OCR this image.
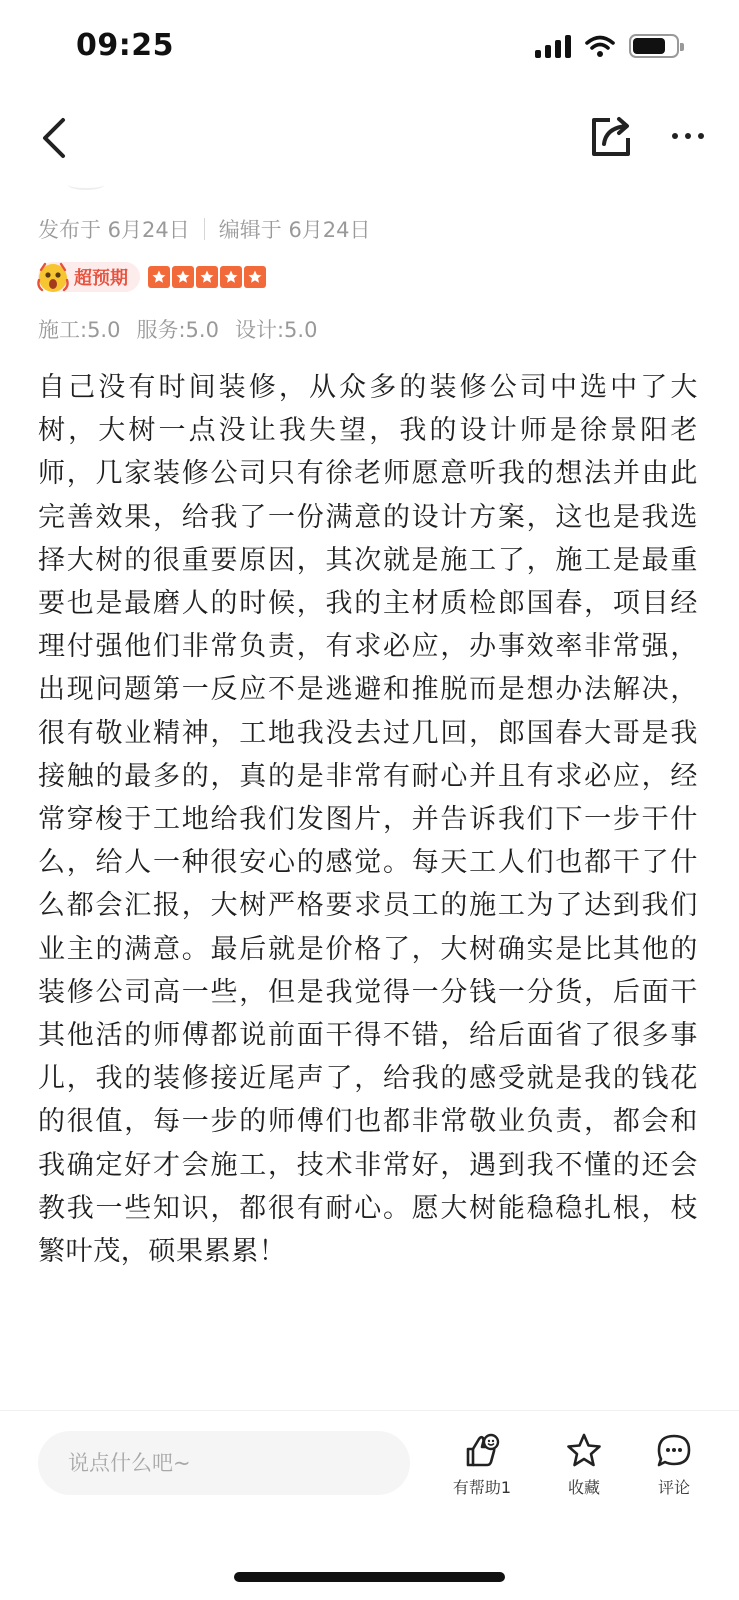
09:25
发布于 6月24日 编辑于 6月24日
超预期
施工:5.0 服务:5.0 设计:5.0
自己没有时间装修，从众多的装修公司中选中了大树，大树一点没让我失望，我的设计师是徐景阳老师，几家装修公司只有徐老师愿意听我的想法并由此完善效果，给我了一份满意的设计方案，这也是我选择大树的很重要原因，其次就是施工了，施工是最重要也是最磨人的时候，我的主材质检郎国春，项目经理付强他们非常负责，有求必应，办事效率非常强，出现问题第一反应不是逃避和推脱而是想办法解决，很有敬业精神，工地我没去过几回，郎国春大哥是我接触的最多的，真的是非常有耐心并且有求必应，经常穿梭于工地给我们发图片，并告诉我们下一步干什么，给人一种很安心的感觉。每天工人们也都干了什么都会汇报，大树严格要求员工的施工为了达到我们业主的满意。最后就是价格了，大树确实是比其他的装修公司高一些，但是我觉得一分钱一分货，后面干其他活的师傅都说前面干得不错，给后面省了很多事儿，我的装修接近尾声了，给我的感受就是我的钱花的很值，每一步的师傅们也都非常敬业负责，都会和我确定好才会施工，技术非常好，遇到我不懂的还会教我一些知识，都很有耐心。愿大树能稳稳扎根，枝繁叶茂，硕果累累！
说点什么吧~
有帮助1	收藏	评论
